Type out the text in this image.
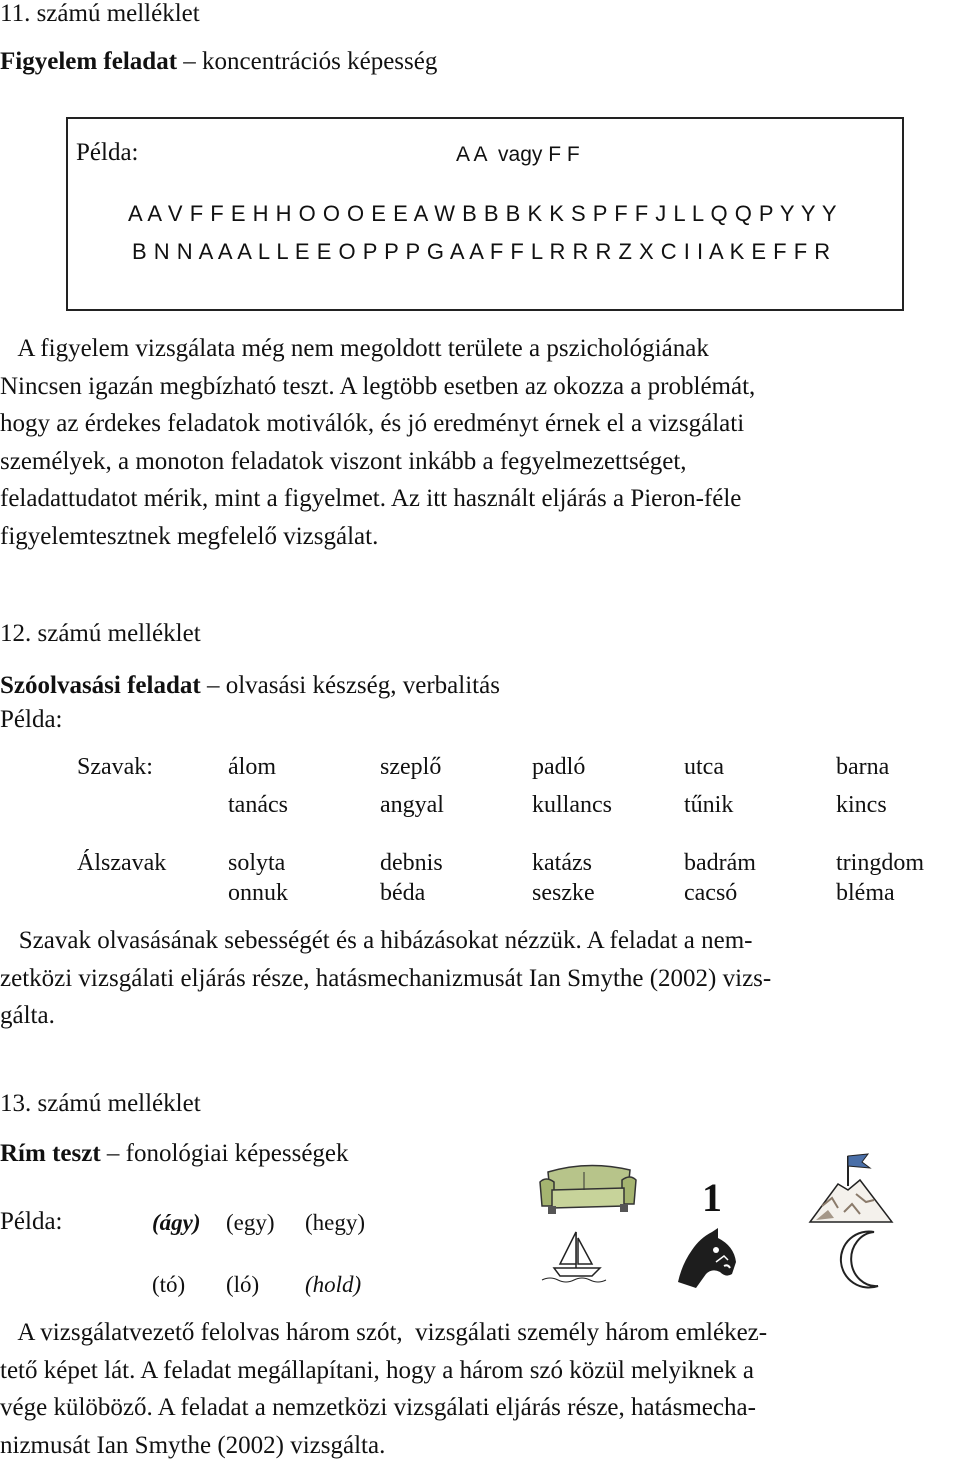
11. számú melléklet
Figyelem feladat – koncentrációs képesség
Példa:	A A  vagy F F
A A V F F E H H O O O E E A W B B B K K S P F F J L L Q Q P Y Y Y
B N N A A A L L E E O P P P G A A F F L R R R Z X C I I A K E F F R
A figyelem vizsgálata még nem megoldott területe a pszichológiának
Nincsen igazán megbízható teszt. A legtöbb esetben az okozza a problémát,
hogy az érdekes feladatok motiválók, és jó eredményt érnek el a vizsgálati
személyek, a monoton feladatok viszont inkább a fegyelmezettséget,
feladattudatot mérik, mint a figyelmet. Az itt használt eljárás a Pieron-féle
figyelemtesztnek megfelelő vizsgálat.
12. számú melléklet
Szóolvasási feladat – olvasási készség, verbalitás
Példa:
Szavak:	álom	szeplő	padló	utca	barna
tanács	angyal	kullancs	tűnik	kincs
Álszavak	solyta	debnis	katázs	badrám	tringdom
onnuk	béda	seszke	cacsó	bléma
Szavak olvasásának sebességét és a hibázásokat nézzük. A feladat a nem-
zetközi vizsgálati eljárás része, hatásmechanizmusát Ian Smythe (2002) vizs-
gálta.
13. számú melléklet
Rím teszt – fonológiai képességek
Példa:	(ágy) (egy) (hegy)
(tó) (ló) (hold)
1
A vizsgálatvezető felolvas három szót,  vizsgálati személy három emlékez-
tető képet lát. A feladat megállapítani, hogy a három szó közül melyiknek a
vége külöböző. A feladat a nemzetközi vizsgálati eljárás része, hatásmecha-
nizmusát Ian Smythe (2002) vizsgálta.
